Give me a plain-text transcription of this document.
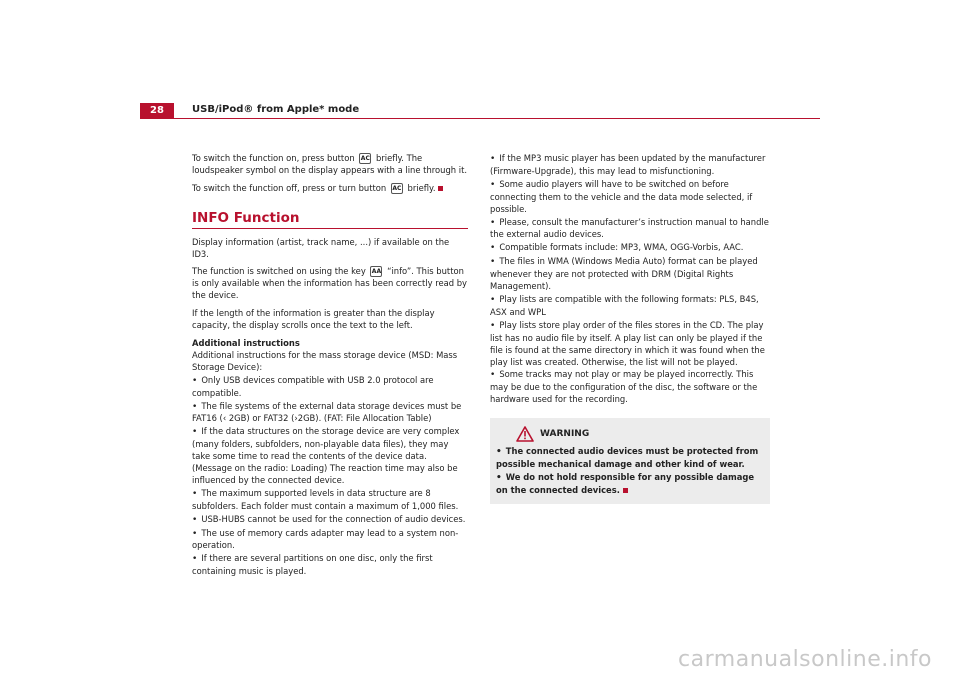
28	USB/iPod® from Apple* mode

To switch the function on, press button AC briefly. The loudspeaker symbol on the display appears with a line through it.

To switch the function off, press or turn button AC briefly.

INFO Function

Display information (artist, track name, ...) if available on the ID3.

The function is switched on using the key AA “info”. This button is only available when the information has been correctly read by the device.

If the length of the information is greater than the display capacity, the display scrolls once the text to the left.

Additional instructions

Additional instructions for the mass storage device (MSD: Mass Storage Device):

• Only USB devices compatible with USB 2.0 protocol are compatible.
• The file systems of the external data storage devices must be FAT16 (‹ 2GB) or FAT32 (›2GB). (FAT: File Allocation Table)
• If the data structures on the storage device are very complex (many folders, subfolders, non-playable data files), they may take some time to read the contents of the device data. (Message on the radio: Loading) The reaction time may also be influenced by the connected device.
• The maximum supported levels in data structure are 8 subfolders. Each folder must contain a maximum of 1,000 files.
• USB-HUBS cannot be used for the connection of audio devices.
• The use of memory cards adapter may lead to a system non-operation.
• If there are several partitions on one disc, only the first containing music is played.
• If the MP3 music player has been updated by the manufacturer (Firmware-Upgrade), this may lead to misfunctioning.
• Some audio players will have to be switched on before connecting them to the vehicle and the data mode selected, if possible.
• Please, consult the manufacturer’s instruction manual to handle the external audio devices.
• Compatible formats include: MP3, WMA, OGG-Vorbis, AAC.
• The files in WMA (Windows Media Auto) format can be played whenever they are not protected with DRM (Digital Rights Management).
• Play lists are compatible with the following formats: PLS, B4S, ASX and WPL
• Play lists store play order of the files stores in the CD. The play list has no audio file by itself. A play list can only be played if the file is found at the same directory in which it was found when the play list was created. Otherwise, the list will not be played.
• Some tracks may not play or may be played incorrectly. This may be due to the configuration of the disc, the software or the hardware used for the recording.
WARNING
• The connected audio devices must be protected from possible mechanical damage and other kind of wear.
• We do not hold responsible for any possible damage on the connected devices.
carmanualsonline.info
